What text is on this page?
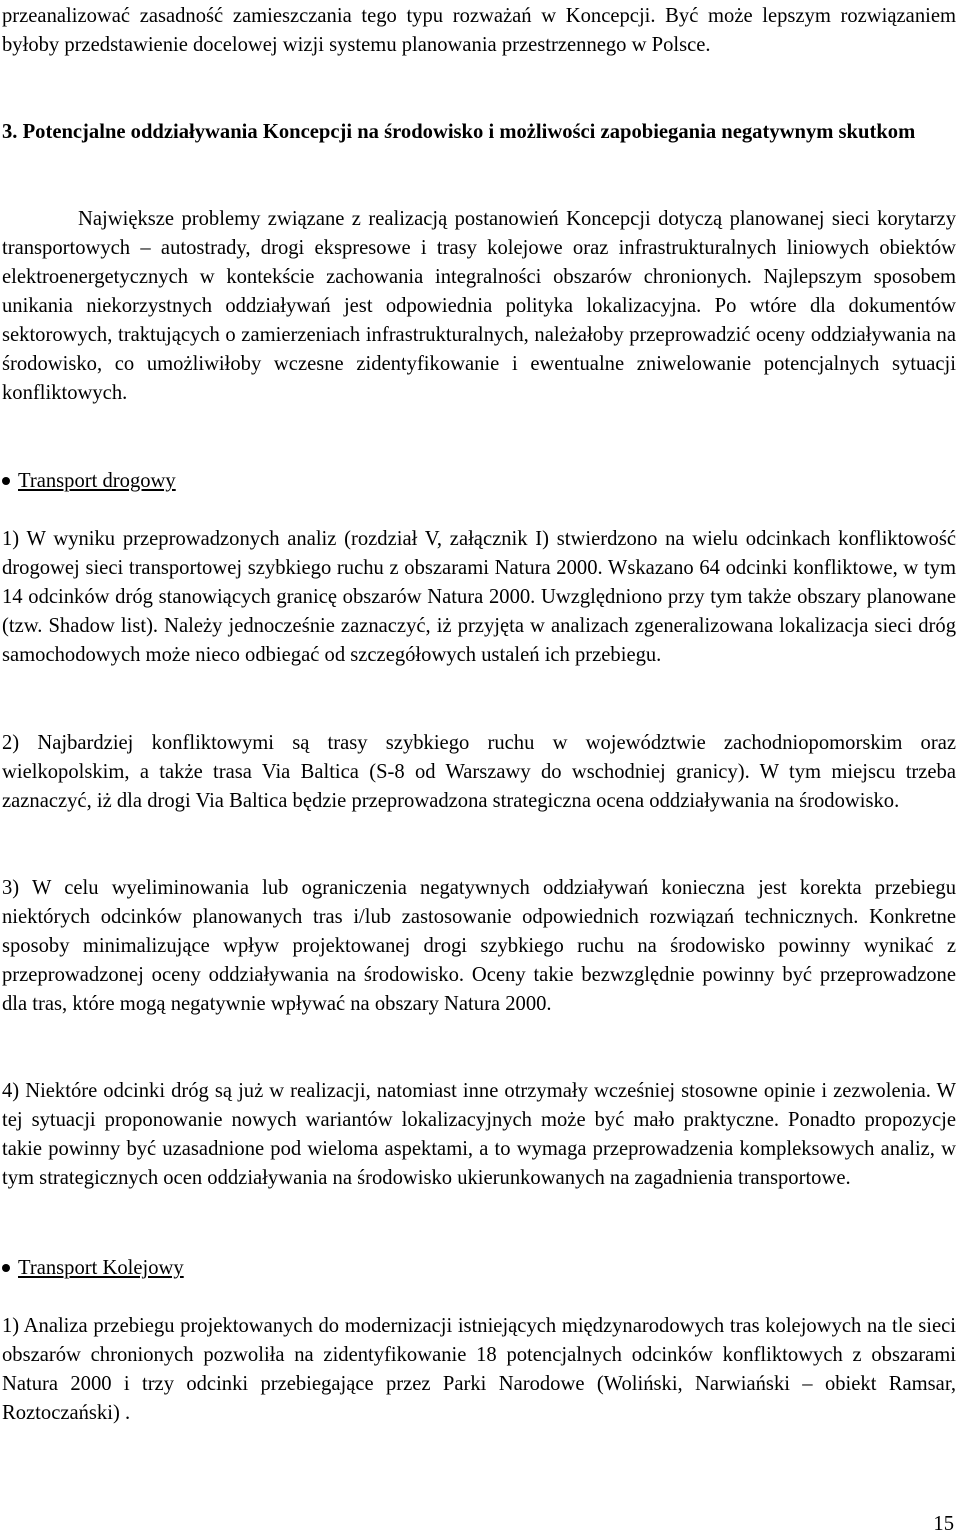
przeanalizować zasadność zamieszczania tego typu rozważań w Koncepcji. Być może lepszym rozwiązaniem byłoby przedstawienie docelowej wizji systemu planowania przestrzennego w Polsce.

3. Potencjalne oddziaływania Koncepcji na środowisko i możliwości zapobiegania negatywnym skutkom

Największe problemy związane z realizacją postanowień Koncepcji dotyczą planowanej sieci korytarzy transportowych – autostrady, drogi ekspresowe i trasy kolejowe oraz infrastrukturalnych liniowych obiektów elektroenergetycznych w kontekście zachowania integralności obszarów chronionych. Najlepszym sposobem unikania niekorzystnych oddziaływań jest odpowiednia polityka lokalizacyjna. Po wtóre dla dokumentów sektorowych, traktujących o zamierzeniach infrastrukturalnych, należałoby przeprowadzić oceny oddziaływania na środowisko, co umożliwiłoby wczesne zidentyfikowanie i ewentualne zniwelowanie potencjalnych sytuacji konfliktowych.

Transport drogowy

1) W wyniku przeprowadzonych analiz (rozdział V, załącznik I) stwierdzono na wielu odcinkach konfliktowość drogowej sieci transportowej szybkiego ruchu z obszarami Natura 2000. Wskazano 64 odcinki konfliktowe, w tym 14 odcinków dróg stanowiących granicę obszarów Natura 2000. Uwzględniono przy tym także obszary planowane (tzw. Shadow list). Należy jednocześnie zaznaczyć, iż przyjęta w analizach zgeneralizowana lokalizacja sieci dróg samochodowych może nieco odbiegać od szczegółowych ustaleń ich przebiegu.

2) Najbardziej konfliktowymi są trasy szybkiego ruchu w województwie zachodniopomorskim oraz wielkopolskim, a także trasa Via Baltica (S-8 od Warszawy do wschodniej granicy). W tym miejscu trzeba zaznaczyć, iż dla drogi Via Baltica będzie przeprowadzona strategiczna ocena oddziaływania na środowisko.

3) W celu wyeliminowania lub ograniczenia negatywnych oddziaływań konieczna jest korekta przebiegu niektórych odcinków planowanych tras i/lub zastosowanie odpowiednich rozwiązań technicznych. Konkretne sposoby minimalizujące wpływ projektowanej drogi szybkiego ruchu na środowisko powinny wynikać z przeprowadzonej oceny oddziaływania na środowisko. Oceny takie bezwzględnie powinny być przeprowadzone dla tras, które mogą negatywnie wpływać na obszary Natura 2000.

4) Niektóre odcinki dróg są już w realizacji, natomiast inne otrzymały wcześniej stosowne opinie i zezwolenia. W tej sytuacji proponowanie nowych wariantów lokalizacyjnych może być mało praktyczne. Ponadto propozycje takie powinny być uzasadnione pod wieloma aspektami, a to wymaga przeprowadzenia kompleksowych analiz, w tym strategicznych ocen oddziaływania na środowisko ukierunkowanych na zagadnienia transportowe.

Transport Kolejowy

1) Analiza przebiegu projektowanych do modernizacji istniejących międzynarodowych tras kolejowych na tle sieci obszarów chronionych pozwoliła na zidentyfikowanie 18 potencjalnych odcinków konfliktowych z obszarami Natura 2000 i trzy odcinki przebiegające przez Parki Narodowe (Woliński, Narwiański – obiekt Ramsar, Roztoczański) .

15
